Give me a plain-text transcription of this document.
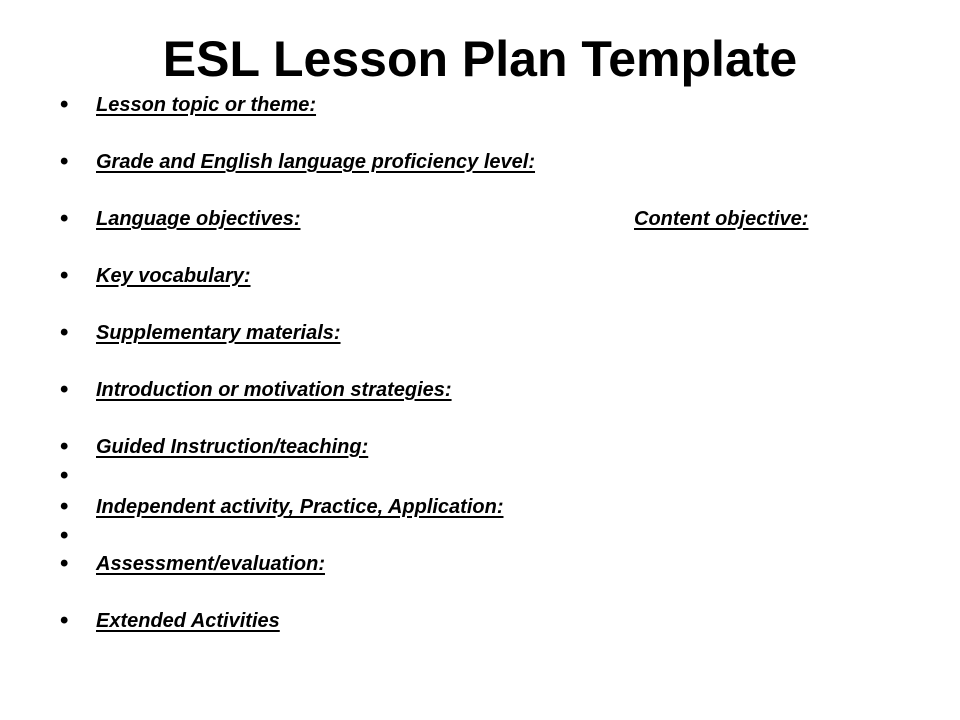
ESL Lesson Plan Template
•	Lesson topic or theme:
•	Grade and English language proficiency level:
•	Language objectives:	Content objective:
•	Key vocabulary:
•	Supplementary materials:
•	Introduction or motivation strategies:
•	Guided Instruction/teaching:
•
•	Independent activity, Practice, Application:
•
•	Assessment/evaluation:
•	Extended Activities
